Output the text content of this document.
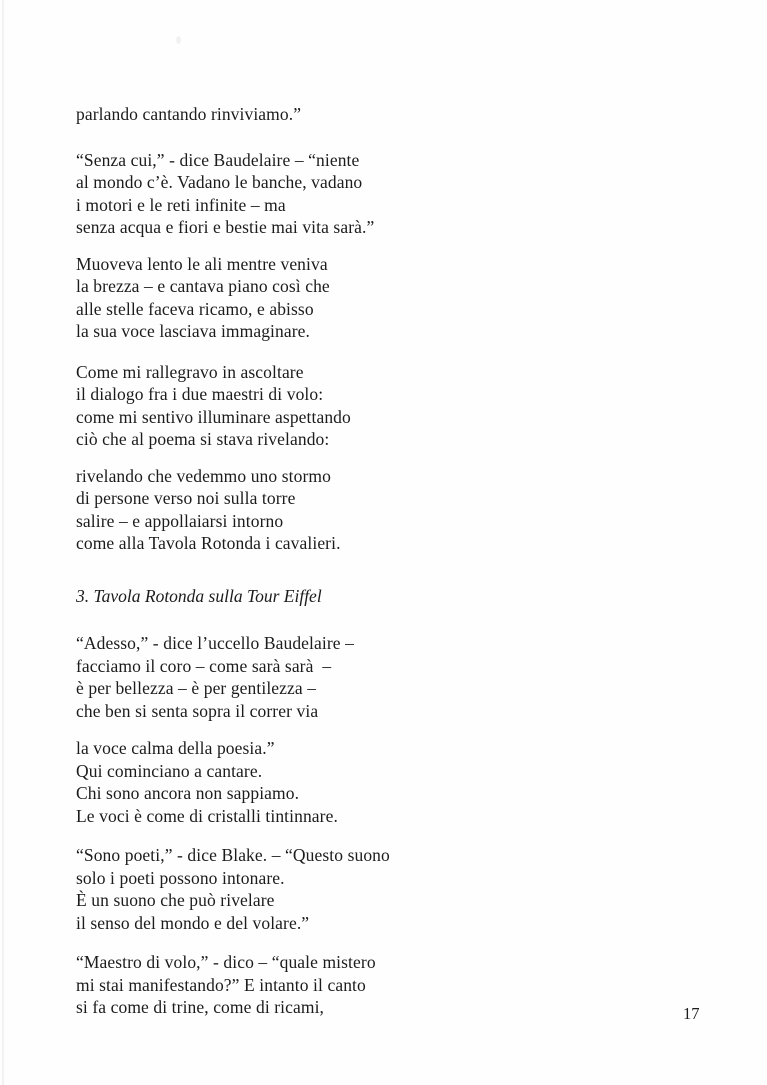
parlando cantando rinviviamo.”
“Senza cui,” - dice Baudelaire – “niente
al mondo c’è. Vadano le banche, vadano
i motori e le reti infinite – ma
senza acqua e fiori e bestie mai vita sarà.”
Muoveva lento le ali mentre veniva
la brezza – e cantava piano così che
alle stelle faceva ricamo, e abisso
la sua voce lasciava immaginare.
Come mi rallegravo in ascoltare
il dialogo fra i due maestri di volo:
come mi sentivo illuminare aspettando
ciò che al poema si stava rivelando:
rivelando che vedemmo uno stormo
di persone verso noi sulla torre
salire – e appollaiarsi intorno
come alla Tavola Rotonda i cavalieri.
3. Tavola Rotonda sulla Tour Eiffel
“Adesso,” - dice l’uccello Baudelaire –
facciamo il coro – come sarà sarà  –
è per bellezza – è per gentilezza –
che ben si senta sopra il correr via
la voce calma della poesia.”
Qui cominciano a cantare.
Chi sono ancora non sappiamo.
Le voci è come di cristalli tintinnare.
“Sono poeti,” - dice Blake. – “Questo suono
solo i poeti possono intonare.
È un suono che può rivelare
il senso del mondo e del volare.”
“Maestro di volo,” - dico – “quale mistero
mi stai manifestando?” E intanto il canto
si fa come di trine, come di ricami,	17
